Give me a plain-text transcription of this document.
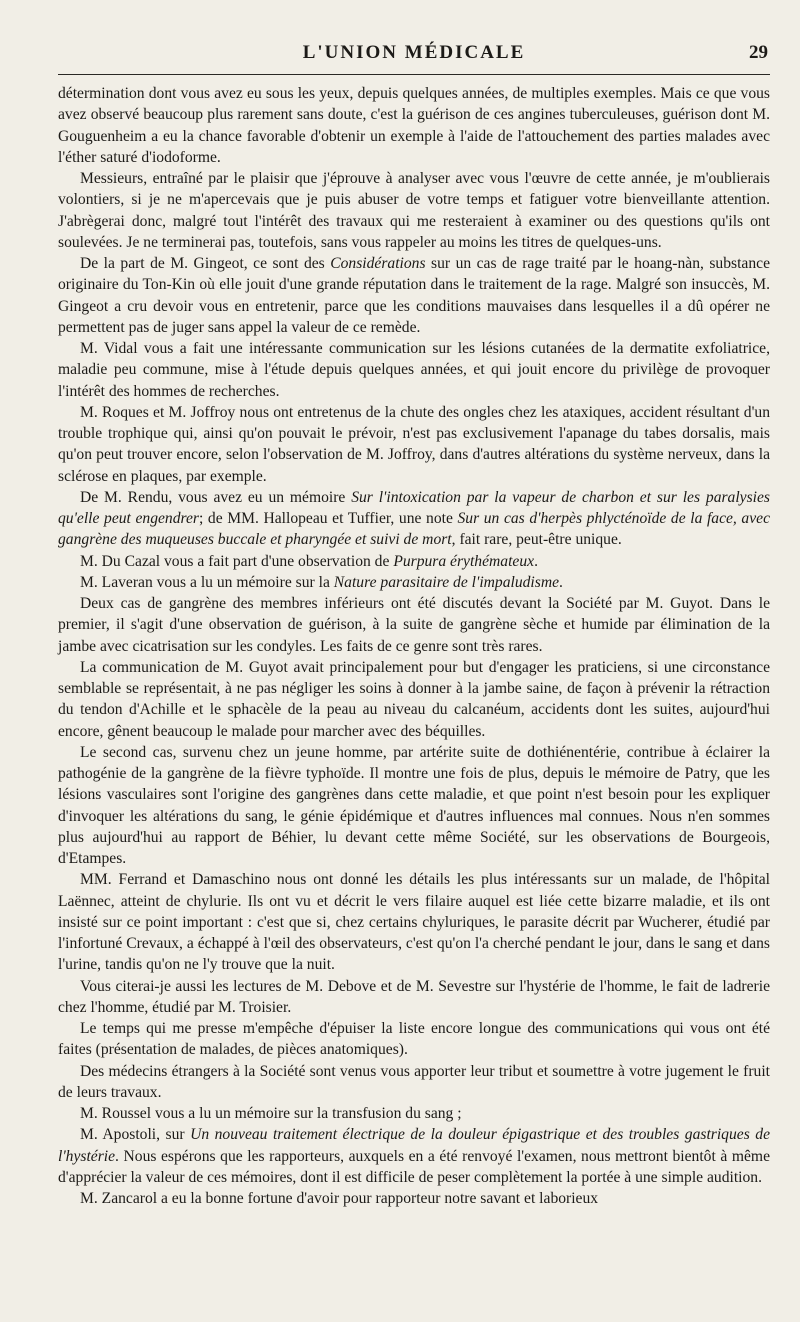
L'UNION MÉDICALE	29

détermination dont vous avez eu sous les yeux, depuis quelques années, de multiples exemples. Mais ce que vous avez observé beaucoup plus rarement sans doute, c'est la guérison de ces angines tuberculeuses, guérison dont M. Gouguenheim a eu la chance favorable d'obtenir un exemple à l'aide de l'attouchement des parties malades avec l'éther saturé d'iodoforme.

Messieurs, entraîné par le plaisir que j'éprouve à analyser avec vous l'œuvre de cette année, je m'oublierais volontiers, si je ne m'apercevais que je puis abuser de votre temps et fatiguer votre bienveillante attention. J'abrègerai donc, malgré tout l'intérêt des travaux qui me resteraient à examiner ou des questions qu'ils ont soulevées. Je ne terminerai pas, toutefois, sans vous rappeler au moins les titres de quelques-uns.

De la part de M. Gingeot, ce sont des Considérations sur un cas de rage traité par le hoang-nàn, substance originaire du Ton-Kin où elle jouit d'une grande réputation dans le traitement de la rage. Malgré son insuccès, M. Gingeot a cru devoir vous en entretenir, parce que les conditions mauvaises dans lesquelles il a dû opérer ne permettent pas de juger sans appel la valeur de ce remède.

M. Vidal vous a fait une intéressante communication sur les lésions cutanées de la dermatite exfoliatrice, maladie peu commune, mise à l'étude depuis quelques années, et qui jouit encore du privilège de provoquer l'intérêt des hommes de recherches.

M. Roques et M. Joffroy nous ont entretenus de la chute des ongles chez les ataxiques, accident résultant d'un trouble trophique qui, ainsi qu'on pouvait le prévoir, n'est pas exclusivement l'apanage du tabes dorsalis, mais qu'on peut trouver encore, selon l'observation de M. Joffroy, dans d'autres altérations du système nerveux, dans la sclérose en plaques, par exemple.

De M. Rendu, vous avez eu un mémoire Sur l'intoxication par la vapeur de charbon et sur les paralysies qu'elle peut engendrer; de MM. Hallopeau et Tuffier, une note Sur un cas d'herpès phlycténoïde de la face, avec gangrène des muqueuses buccale et pharyngée et suivi de mort, fait rare, peut-être unique.

M. Du Cazal vous a fait part d'une observation de Purpura érythémateux.

M. Laveran vous a lu un mémoire sur la Nature parasitaire de l'impaludisme.

Deux cas de gangrène des membres inférieurs ont été discutés devant la Société par M. Guyot. Dans le premier, il s'agit d'une observation de guérison, à la suite de gangrène sèche et humide par élimination de la jambe avec cicatrisation sur les condyles. Les faits de ce genre sont très rares.

La communication de M. Guyot avait principalement pour but d'engager les praticiens, si une circonstance semblable se représentait, à ne pas négliger les soins à donner à la jambe saine, de façon à prévenir la rétraction du tendon d'Achille et le sphacèle de la peau au niveau du calcanéum, accidents dont les suites, aujourd'hui encore, gênent beaucoup le malade pour marcher avec des béquilles.

Le second cas, survenu chez un jeune homme, par artérite suite de dothiénentérie, contribue à éclairer la pathogénie de la gangrène de la fièvre typhoïde. Il montre une fois de plus, depuis le mémoire de Patry, que les lésions vasculaires sont l'origine des gangrènes dans cette maladie, et que point n'est besoin pour les expliquer d'invoquer les altérations du sang, le génie épidémique et d'autres influences mal connues. Nous n'en sommes plus aujourd'hui au rapport de Béhier, lu devant cette même Société, sur les observations de Bourgeois, d'Etampes.

MM. Ferrand et Damaschino nous ont donné les détails les plus intéressants sur un malade, de l'hôpital Laënnec, atteint de chylurie. Ils ont vu et décrit le vers filaire auquel est liée cette bizarre maladie, et ils ont insisté sur ce point important : c'est que si, chez certains chyluriques, le parasite décrit par Wucherer, étudié par l'infortuné Crevaux, a échappé à l'œil des observateurs, c'est qu'on l'a cherché pendant le jour, dans le sang et dans l'urine, tandis qu'on ne l'y trouve que la nuit.

Vous citerai-je aussi les lectures de M. Debove et de M. Sevestre sur l'hystérie de l'homme, le fait de ladrerie chez l'homme, étudié par M. Troisier.

Le temps qui me presse m'empêche d'épuiser la liste encore longue des communications qui vous ont été faites (présentation de malades, de pièces anatomiques).

Des médecins étrangers à la Société sont venus vous apporter leur tribut et soumettre à votre jugement le fruit de leurs travaux.

M. Roussel vous a lu un mémoire sur la transfusion du sang ;

M. Apostoli, sur Un nouveau traitement électrique de la douleur épigastrique et des troubles gastriques de l'hystérie. Nous espérons que les rapporteurs, auxquels en a été renvoyé l'examen, nous mettront bientôt à même d'apprécier la valeur de ces mémoires, dont il est difficile de peser complètement la portée à une simple audition.

M. Zancarol a eu la bonne fortune d'avoir pour rapporteur notre savant et laborieux
